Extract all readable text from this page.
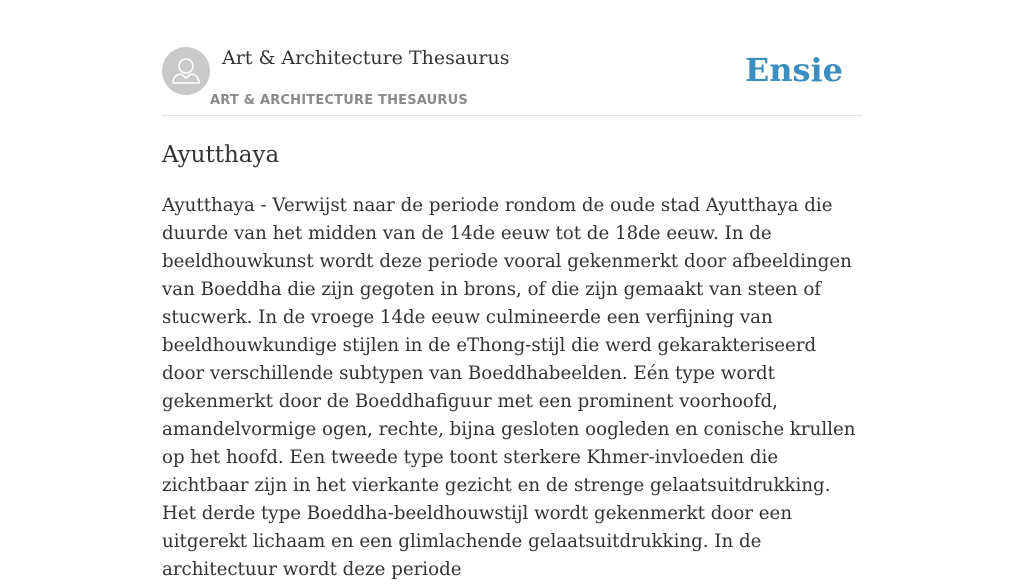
Art & Architecture Thesaurus
ART & ARCHITECTURE THESAURUS
Ensie
Ayutthaya

Ayutthaya - Verwijst naar de periode rondom de oude stad Ayutthaya die duurde van het midden van de 14de eeuw tot de 18de eeuw. In de beeldhouwkunst wordt deze periode vooral gekenmerkt door afbeeldingen van Boeddha die zijn gegoten in brons, of die zijn gemaakt van steen of stucwerk. In de vroege 14de eeuw culmineerde een verfijning van beeldhouwkundige stijlen in de eThong-stijl die werd gekarakteriseerd door verschillende subtypen van Boeddhabeelden. Eén type wordt gekenmerkt door de Boeddhafiguur met een prominent voorhoofd, amandelvormige ogen, rechte, bijna gesloten oogleden en conische krullen op het hoofd. Een tweede type toont sterkere Khmer-invloeden die zichtbaar zijn in het vierkante gezicht en de strenge gelaatsuitdrukking. Het derde type Boeddha-beeldhouwstijl wordt gekenmerkt door een uitgerekt lichaam en een glimlachende gelaatsuitdrukking. In de architectuur wordt deze periode
